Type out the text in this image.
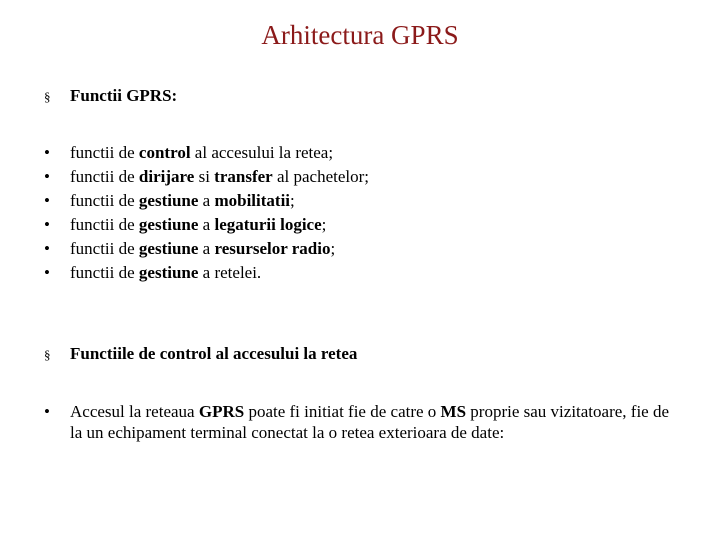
Arhitectura GPRS
§	Functii GPRS:
•	functii de control al accesului la retea;
•	functii de dirijare si transfer al pachetelor;
•	functii de gestiune a mobilitatii;
•	functii de gestiune a legaturii logice;
•	functii de gestiune a resurselor radio;
•	functii de gestiune a retelei.
§	Functiile de control al accesului la retea
•	Accesul la reteaua GPRS poate fi initiat fie de catre o MS proprie sau vizitatoare, fie de la un echipament terminal conectat la o retea exterioara de date:
